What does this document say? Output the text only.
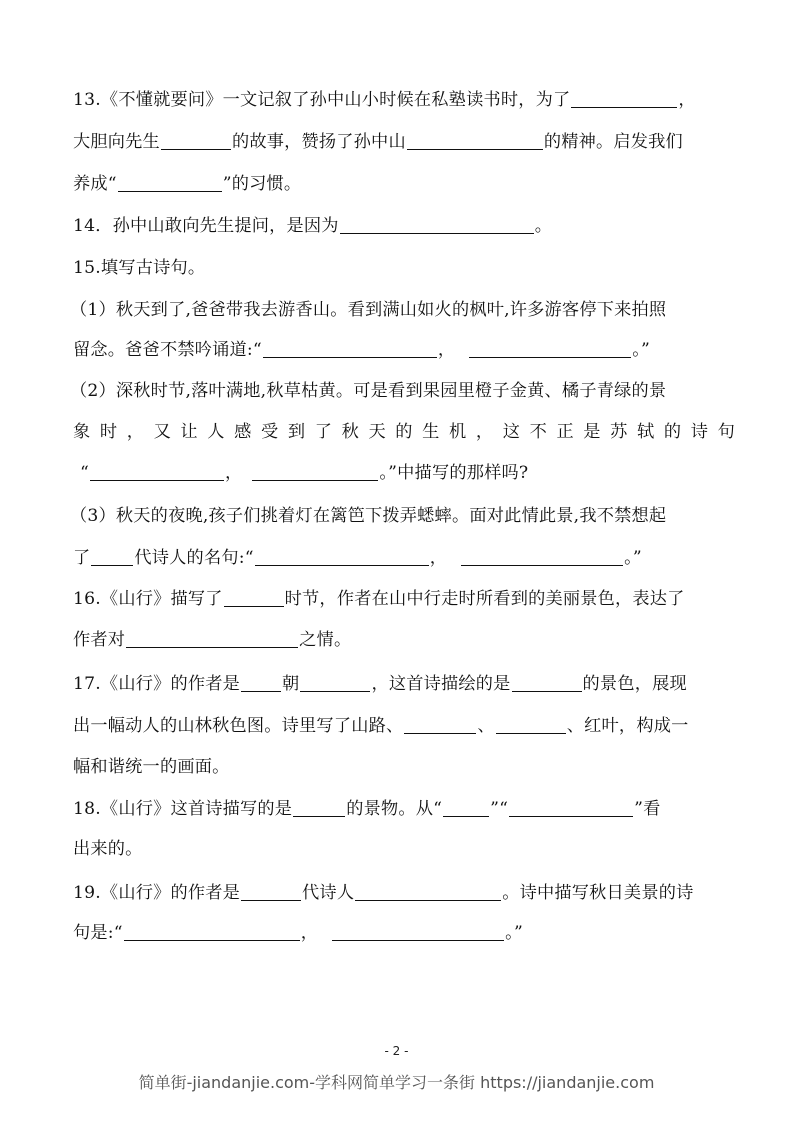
13.《不懂就要问》一文记叙了孙中山小时候在私塾读书时，为了	，
大胆向先生	的故事，赞扬了孙中山	的精神。启发我们
养成“	”的习惯。
14．孙中山敢向先生提问，是因为	。
15.填写古诗句。
（1）秋天到了,爸爸带我去游香山。看到满山如火的枫叶,许多游客停下来拍照
留念。爸爸不禁吟诵道:“	，	。”
（2）深秋时节,落叶满地,秋草枯黄。可是看到果园里橙子金黄、橘子青绿的景
象时，又让人感受到了秋天的生机，这不正是苏轼的诗句
“	，	。”中描写的那样吗?
（3）秋天的夜晚,孩子们挑着灯在篱笆下拨弄蟋蟀。面对此情此景,我不禁想起
了	代诗人的名句:“	，	。”
16.《山行》描写了	时节，作者在山中行走时所看到的美丽景色，表达了
作者对	之情。
17.《山行》的作者是 朝	，这首诗描绘的是	的景色，展现
出一幅动人的山林秋色图。诗里写了山路、	、	、红叶，构成一
幅和谐统一的画面。
18.《山行》这首诗描写的是	的景物。从“	”“	”看
出来的。
19.《山行》的作者是	代诗人	。诗中描写秋日美景的诗
句是:“	，	。”
- 2 -
简单街-jiandanjie.com-学科网简单学习一条街 https://jiandanjie.com
